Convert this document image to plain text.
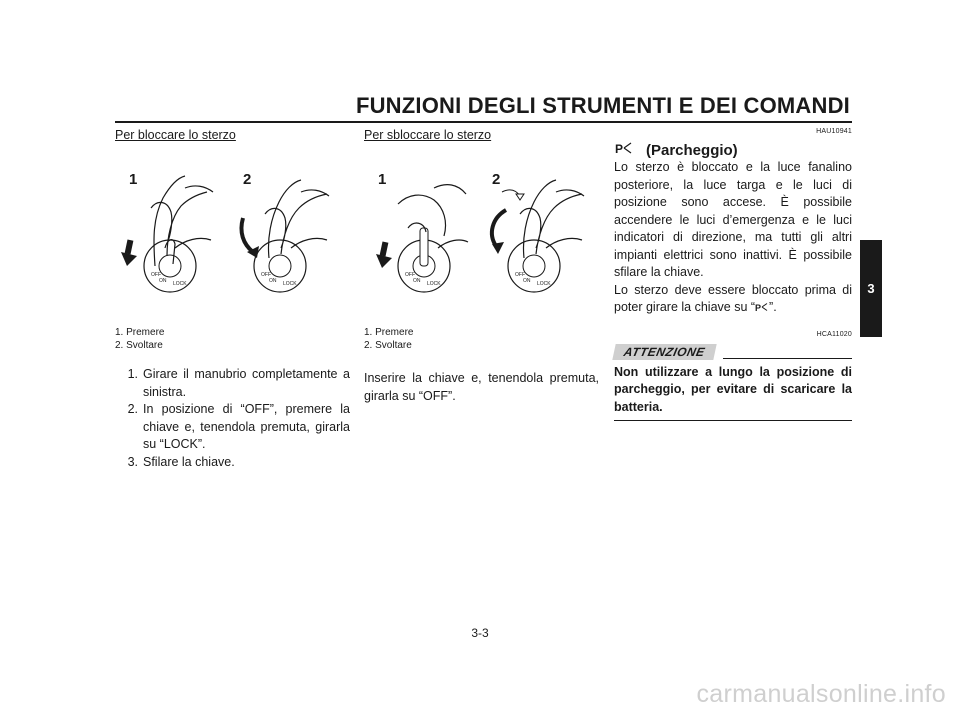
FUNZIONI DEGLI STRUMENTI E DEI COMANDI
3
Per bloccare lo sterzo
1	2
OFF
ON LOCK
OFF
ON LOCK
1. Premere
2. Svoltare
1. Girare il manubrio completamente a sinistra.
2. In posizione di “OFF”, premere la chiave e, tenendola premuta, girarla su “LOCK”.
3. Sfilare la chiave.
Per sbloccare lo sterzo
1	2
OFF
ON LOCK
OFF
ON LOCK
1. Premere
2. Svoltare
Inserire la chiave e, tenendola premuta, girarla su “OFF”.
HAU10941
P (Parcheggio)
Lo sterzo è bloccato e la luce fanalino posteriore, la luce targa e le luci di posizione sono accese. È possibile accendere le luci d’emergenza e le luci indicatori di direzione, ma tutti gli altri impianti elettrici sono inattivi. È possibile sfilare la chiave.
Lo sterzo deve essere bloccato prima di poter girare la chiave su “ P ”.
HCA11020
ATTENZIONE
Non utilizzare a lungo la posizione di parcheggio, per evitare di scaricare la batteria.
3-3
carmanualsonline.info
